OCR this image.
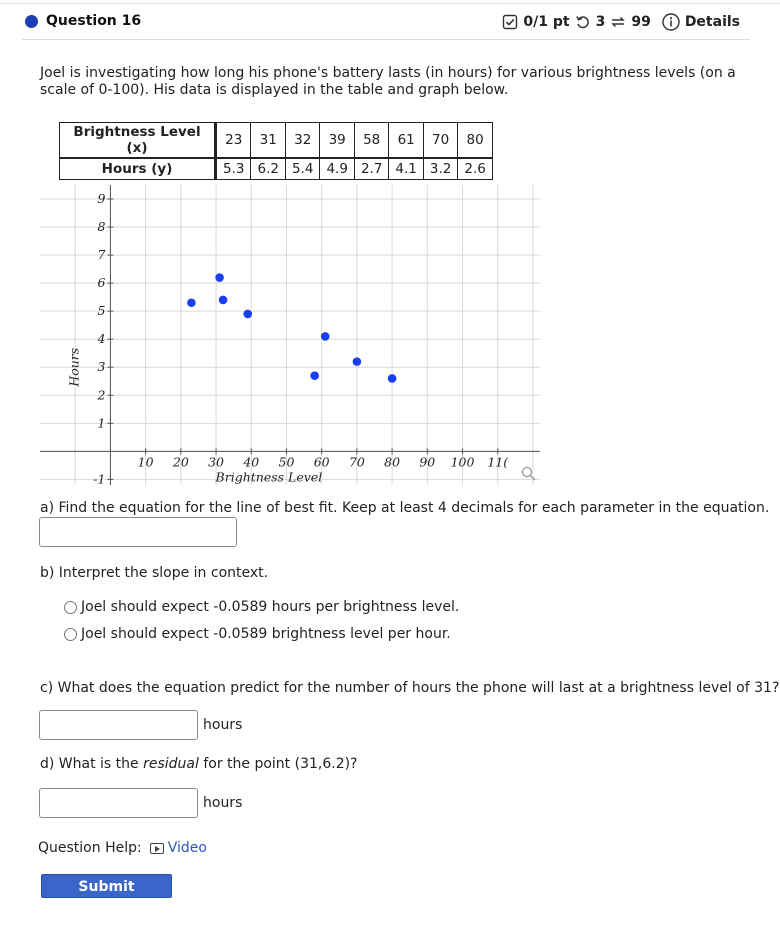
Question 16	0/1 pt 3 99 Details
Joel is investigating how long his phone's battery lasts (in hours) for various brightness levels (on a scale of 0-100). His data is displayed in the table and graph below.
Brightness Level (x)	23	31	32	39	58	61	70	80
Hours (y)	5.3	6.2	5.4	4.9	2.7	4.1	3.2	2.6
10 20 30 40 50 60 70 80 90 100 11(
-1
1
2
3
4
5
6
7
8
9
Brightness Level
Hours
a) Find the equation for the line of best fit. Keep at least 4 decimals for each parameter in the equation.
b) Interpret the slope in context.
Joel should expect -0.0589 hours per brightness level.
Joel should expect -0.0589 brightness level per hour.
c) What does the equation predict for the number of hours the phone will last at a brightness level of 31?
hours
d) What is the residual for the point (31,6.2)?
hours
Question Help: Video
Submit Question
